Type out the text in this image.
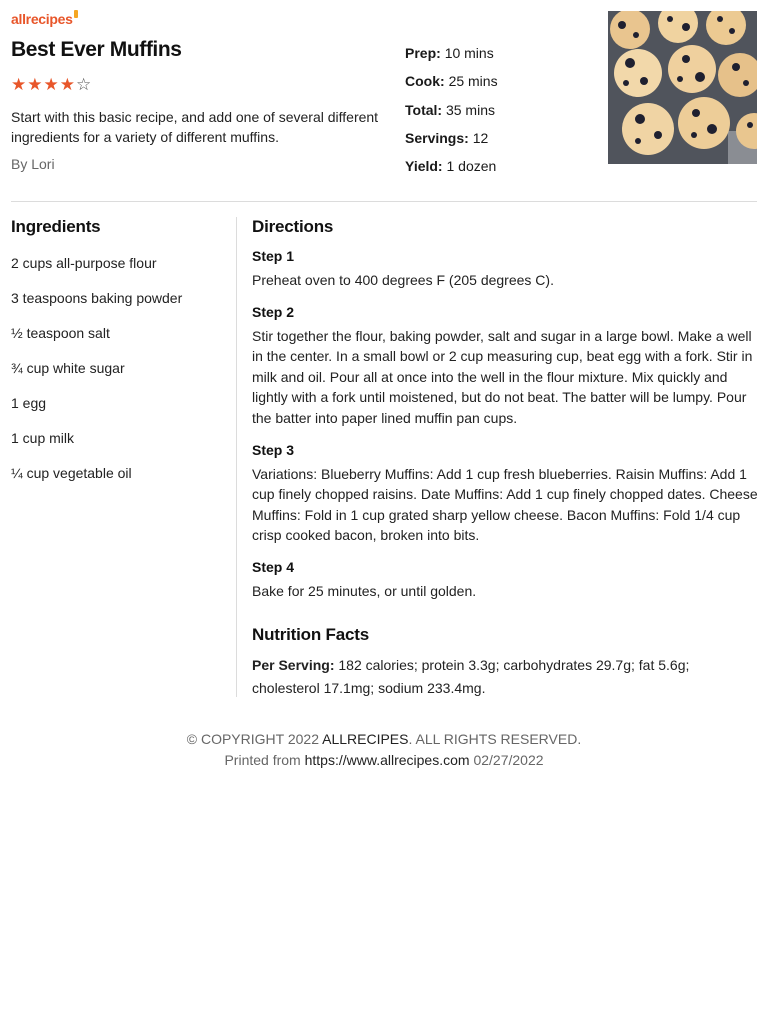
allrecipes
Best Ever Muffins
★★★★☆
Start with this basic recipe, and add one of several different ingredients for a variety of different muffins.
By Lori
Prep: 10 mins
Cook: 25 mins
Total: 35 mins
Servings: 12
Yield: 1 dozen
Ingredients
2 cups all-purpose flour
3 teaspoons baking powder
½ teaspoon salt
¾ cup white sugar
1 egg
1 cup milk
¼ cup vegetable oil
Directions
Step 1
Preheat oven to 400 degrees F (205 degrees C).
Step 2
Stir together the flour, baking powder, salt and sugar in a large bowl. Make a well in the center. In a small bowl or 2 cup measuring cup, beat egg with a fork. Stir in milk and oil. Pour all at once into the well in the flour mixture. Mix quickly and lightly with a fork until moistened, but do not beat. The batter will be lumpy. Pour the batter into paper lined muffin pan cups.
Step 3
Variations: Blueberry Muffins: Add 1 cup fresh blueberries. Raisin Muffins: Add 1 cup finely chopped raisins. Date Muffins: Add 1 cup finely chopped dates. Cheese Muffins: Fold in 1 cup grated sharp yellow cheese. Bacon Muffins: Fold 1/4 cup crisp cooked bacon, broken into bits.
Step 4
Bake for 25 minutes, or until golden.
Nutrition Facts
Per Serving: 182 calories; protein 3.3g; carbohydrates 29.7g; fat 5.6g; cholesterol 17.1mg; sodium 233.4mg.
© COPYRIGHT 2022 ALLRECIPES. ALL RIGHTS RESERVED.
Printed from https://www.allrecipes.com 02/27/2022
